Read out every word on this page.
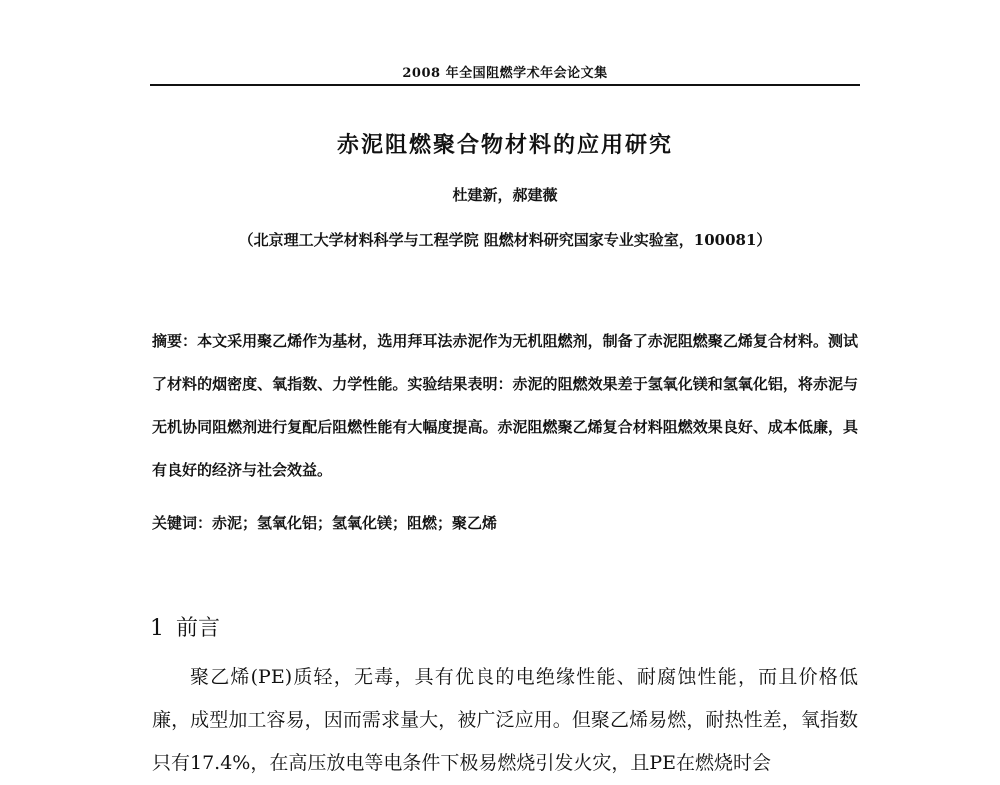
2008 年全国阻燃学术年会论文集
赤泥阻燃聚合物材料的应用研究
杜建新，郝建薇
（北京理工大学材料科学与工程学院 阻燃材料研究国家专业实验室，100081）
摘要：本文采用聚乙烯作为基材，选用拜耳法赤泥作为无机阻燃剂，制备了赤泥阻燃聚乙烯复合材料。测试了材料的烟密度、氧指数、力学性能。实验结果表明：赤泥的阻燃效果差于氢氧化镁和氢氧化铝，将赤泥与无机协同阻燃剂进行复配后阻燃性能有大幅度提高。赤泥阻燃聚乙烯复合材料阻燃效果良好、成本低廉，具有良好的经济与社会效益。
关键词：赤泥；氢氧化铝；氢氧化镁；阻燃；聚乙烯
1 前言
聚乙烯(PE)质轻，无毒，具有优良的电绝缘性能、耐腐蚀性能，而且价格低廉，成型加工容易，因而需求量大，被广泛应用。但聚乙烯易燃，耐热性差，氧指数只有17.4%，在高压放电等电条件下极易燃烧引发火灾，且PE在燃烧时会
